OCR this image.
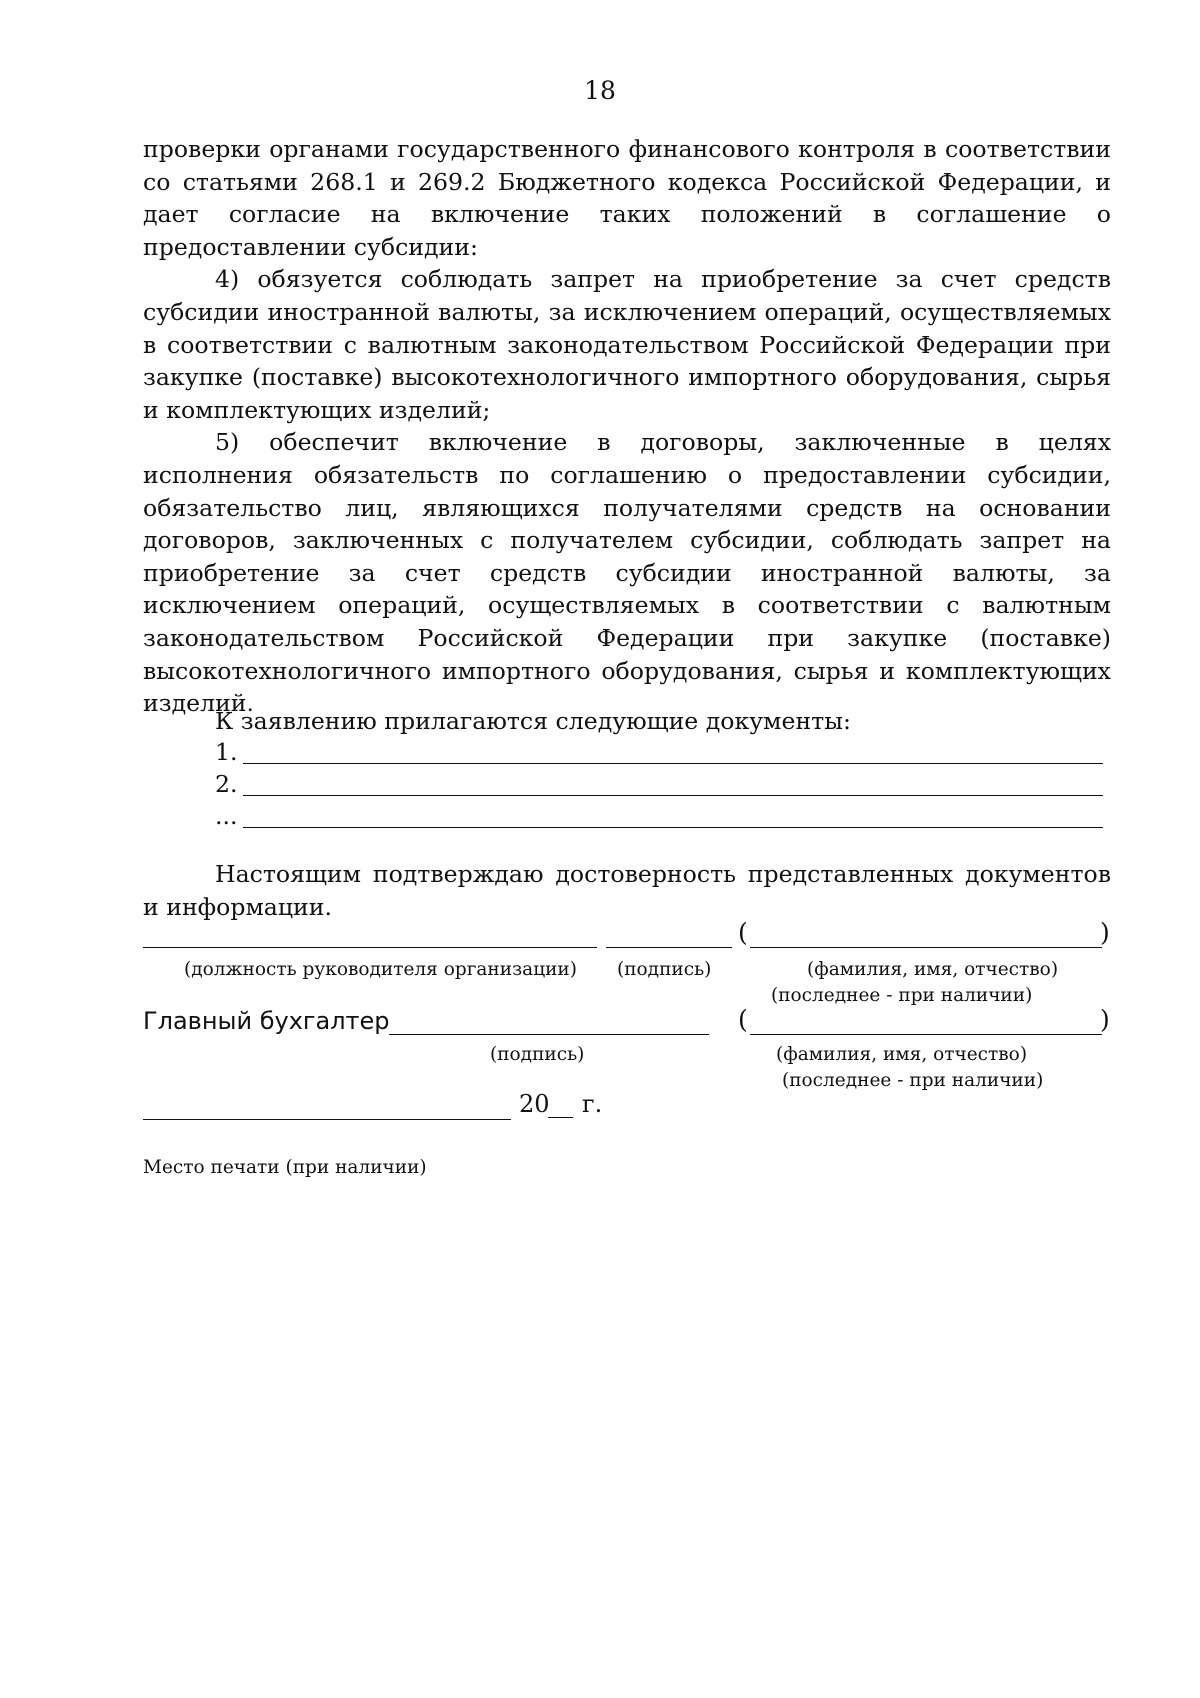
18

проверки органами государственного финансового контроля в соответствии со статьями 268.1 и 269.2 Бюджетного кодекса Российской Федерации, и дает согласие на включение таких положений в соглашение о предоставлении субсидии:

4) обязуется соблюдать запрет на приобретение за счет средств субсидии иностранной валюты, за исключением операций, осуществляемых в соответствии с валютным законодательством Российской Федерации при закупке (поставке) высокотехнологичного импортного оборудования, сырья и комплектующих изделий;

5) обеспечит включение в договоры, заключенные в целях исполнения обязательств по соглашению о предоставлении субсидии, обязательство лиц, являющихся получателями средств на основании договоров, заключенных с получателем субсидии, соблюдать запрет на приобретение за счет средств субсидии иностранной валюты, за исключением операций, осуществляемых в соответствии с валютным законодательством Российской Федерации при закупке (поставке) высокотехнологичного импортного оборудования, сырья и комплектующих изделий.

К заявлению прилагаются следующие документы:
1.
2.
...
Настоящим подтверждаю достоверность представленных документов и информации.
(	)
(должность руководителя организации) (подпись)	(фамилия, имя, отчество)
(последнее - при наличии)
Главный бухгалтер	(	)
(подпись)	(фамилия, имя, отчество)
(последнее - при наличии)
20 г.
Место печати (при наличии)
